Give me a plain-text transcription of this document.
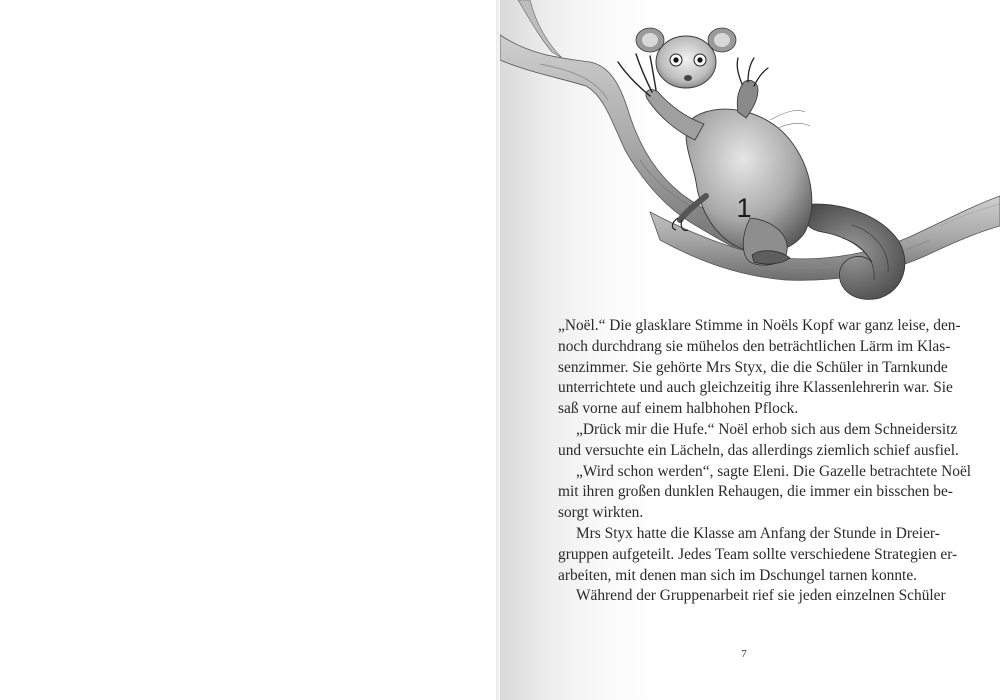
1
„Noël.“ Die glasklare Stimme in Noëls Kopf war ganz leise, den-
noch durchdrang sie mühelos den beträchtlichen Lärm im Klas-
senzimmer. Sie gehörte Mrs Styx, die die Schüler in Tarnkunde
unterrichtete und auch gleichzeitig ihre Klassenlehrerin war. Sie
saß vorne auf einem halbhohen Pflock.
„Drück mir die Hufe.“ Noël erhob sich aus dem Schneidersitz
und versuchte ein Lächeln, das allerdings ziemlich schief ausfiel.
„Wird schon werden“, sagte Eleni. Die Gazelle betrachtete Noël
mit ihren großen dunklen Rehaugen, die immer ein bisschen be-
sorgt wirkten.
Mrs Styx hatte die Klasse am Anfang der Stunde in Dreier-
gruppen aufgeteilt. Jedes Team sollte verschiedene Strategien er-
arbeiten, mit denen man sich im Dschungel tarnen konnte.
Während der Gruppenarbeit rief sie jeden einzelnen Schüler
7
